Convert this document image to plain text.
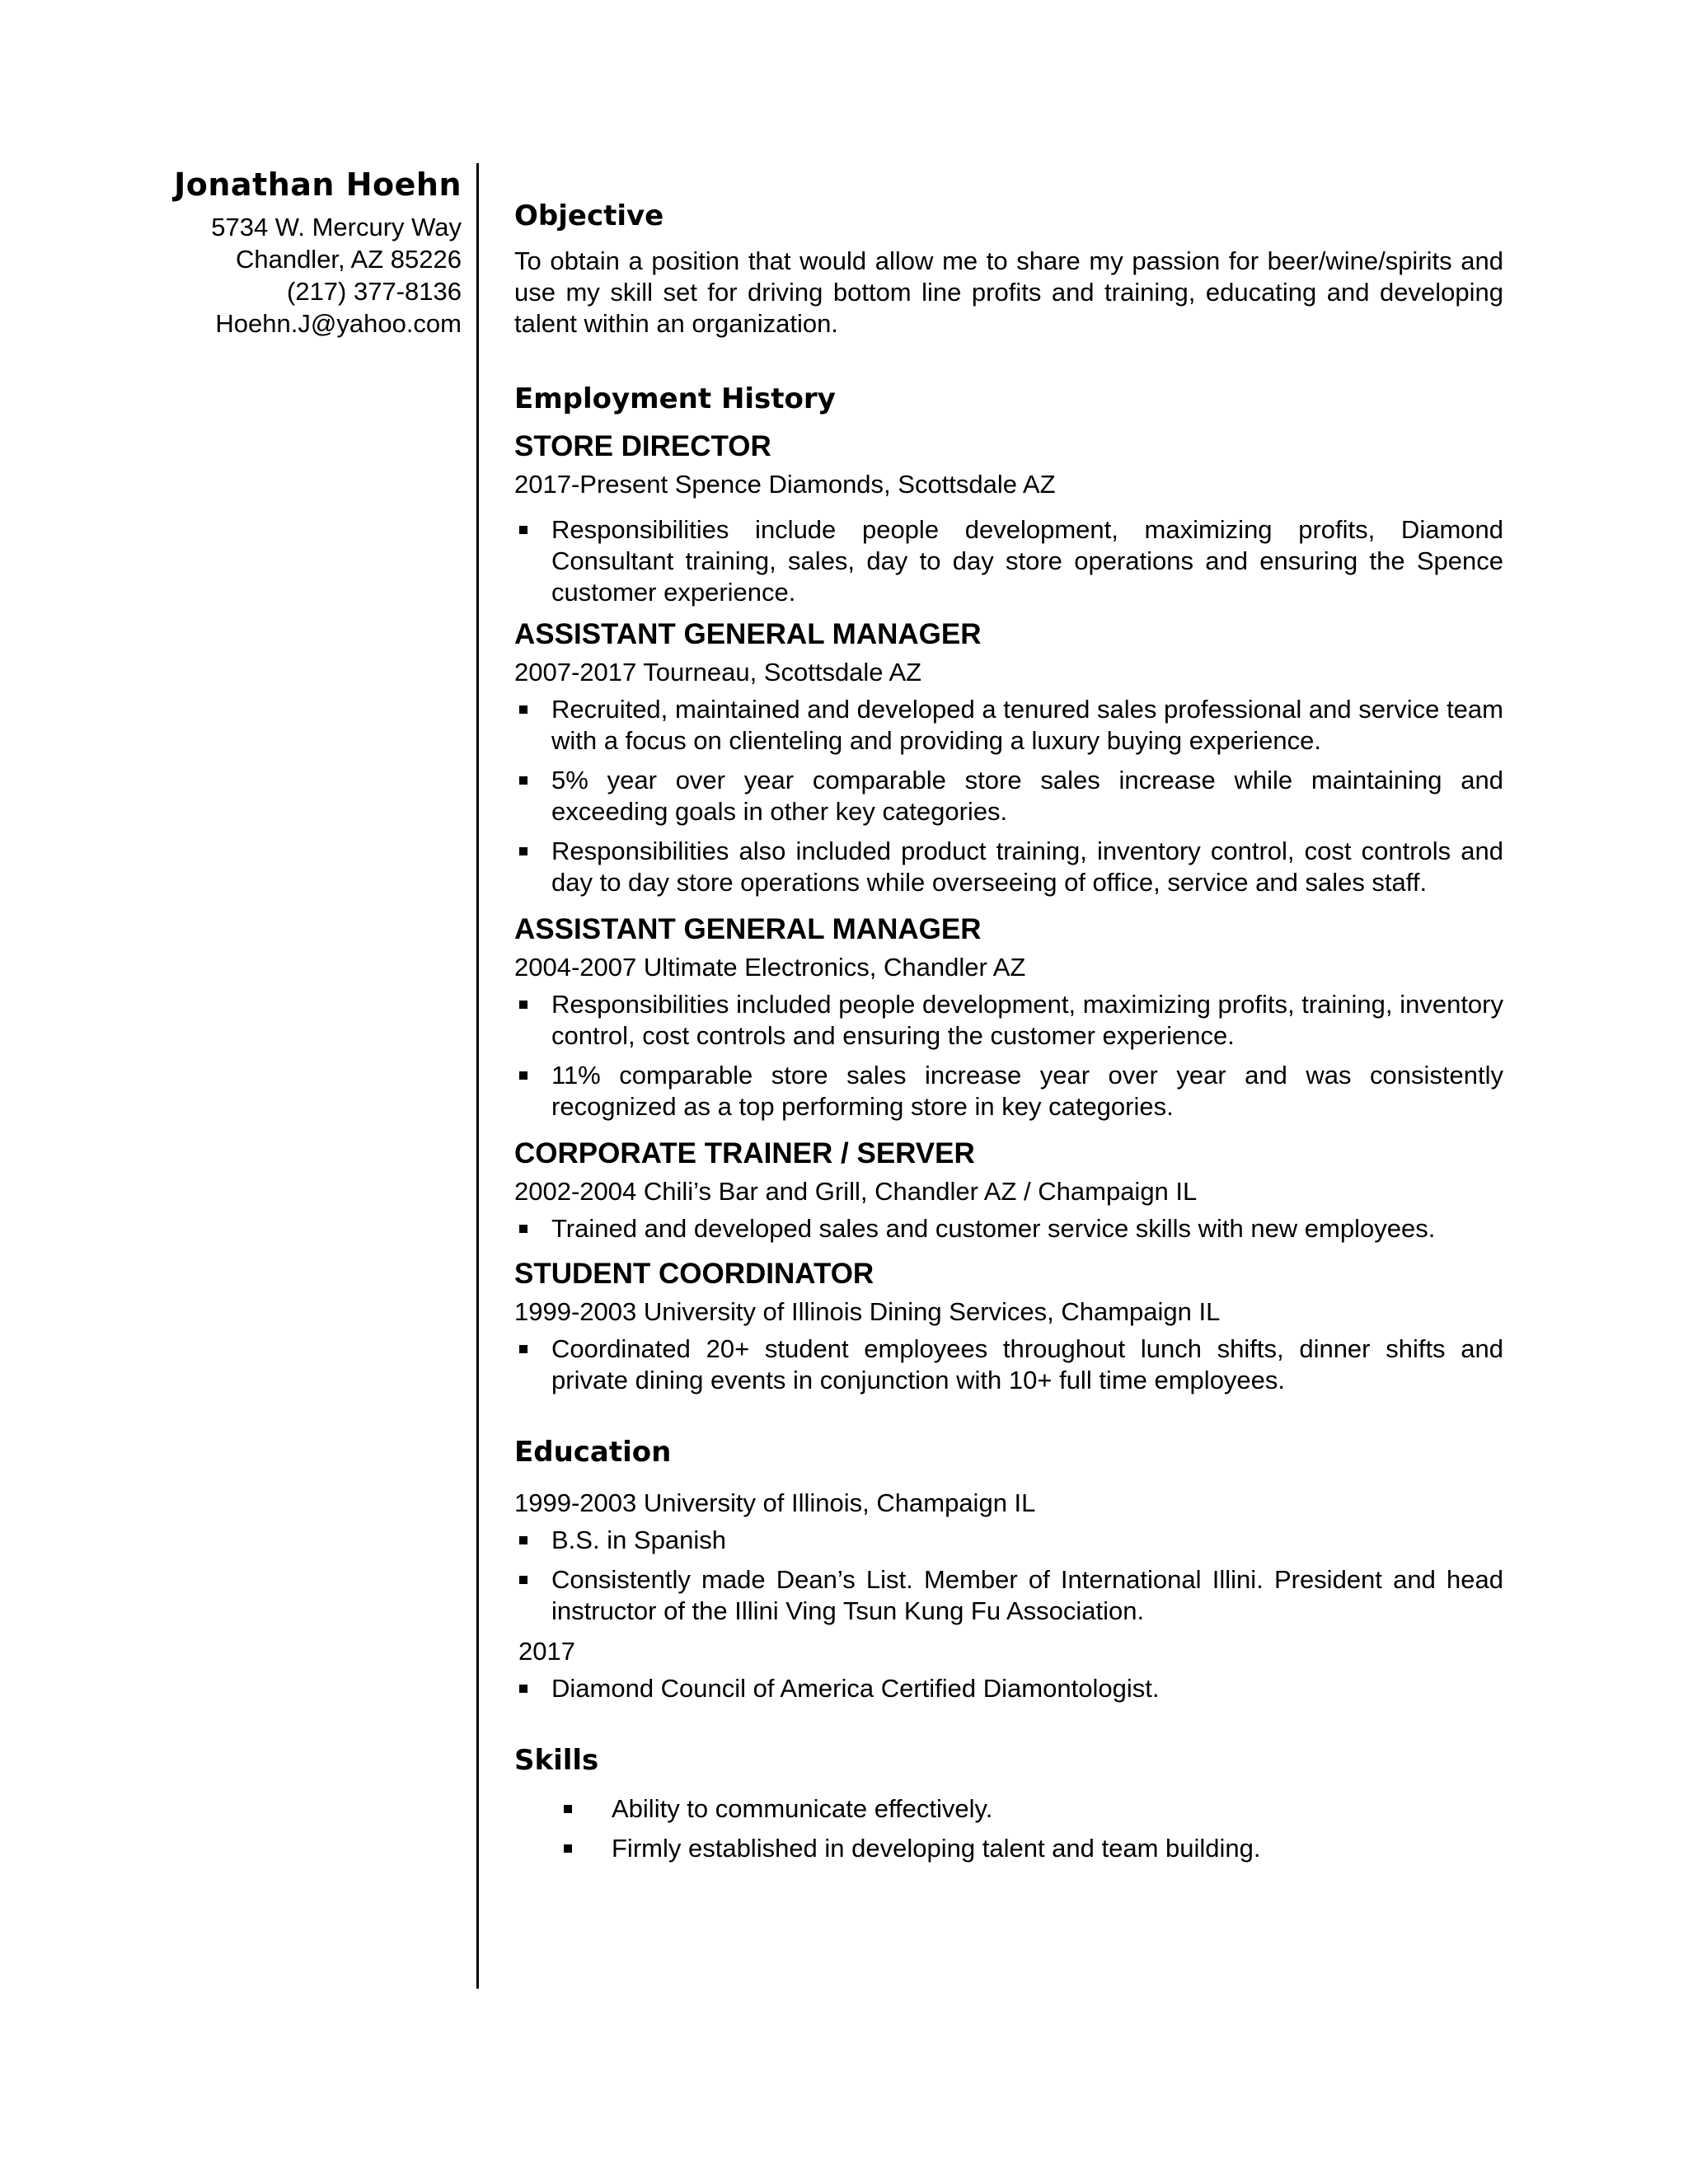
Jonathan Hoehn

5734 W. Mercury Way

Chandler, AZ 85226

(217) 377-8136

Hoehn.J@yahoo.com

Objective

To obtain a position that would allow me to share my passion for beer/wine/spirits and use my skill set for driving bottom line profits and training, educating and developing talent within an organization.

Employment History

STORE DIRECTOR

2017-Present Spence Diamonds, Scottsdale AZ

Responsibilities include people development, maximizing profits, Diamond Consultant training, sales, day to day store operations and ensuring the Spence customer experience.

ASSISTANT GENERAL MANAGER

2007-2017 Tourneau, Scottsdale AZ

Recruited, maintained and developed a tenured sales professional and service team with a focus on clienteling and providing a luxury buying experience.
5% year over year comparable store sales increase while maintaining and exceeding goals in other key categories.
Responsibilities also included product training, inventory control, cost controls and day to day store operations while overseeing of office, service and sales staff.

ASSISTANT GENERAL MANAGER

2004-2007 Ultimate Electronics, Chandler AZ

Responsibilities included people development, maximizing profits, training, inventory control, cost controls and ensuring the customer experience.
11% comparable store sales increase year over year and was consistently recognized as a top performing store in key categories.

CORPORATE TRAINER / SERVER

2002-2004 Chili’s Bar and Grill, Chandler AZ / Champaign IL

Trained and developed sales and customer service skills with new employees.

STUDENT COORDINATOR

1999-2003 University of Illinois Dining Services, Champaign IL

Coordinated 20+ student employees throughout lunch shifts, dinner shifts and private dining events in conjunction with 10+ full time employees.
Education

1999-2003 University of Illinois, Champaign IL

B.S. in Spanish
Consistently made Dean’s List. Member of International Illini. President and head instructor of the Illini Ving Tsun Kung Fu Association.

2017

Diamond Council of America Certified Diamontologist.
Skills
Ability to communicate effectively.
Firmly established in developing talent and team building.
